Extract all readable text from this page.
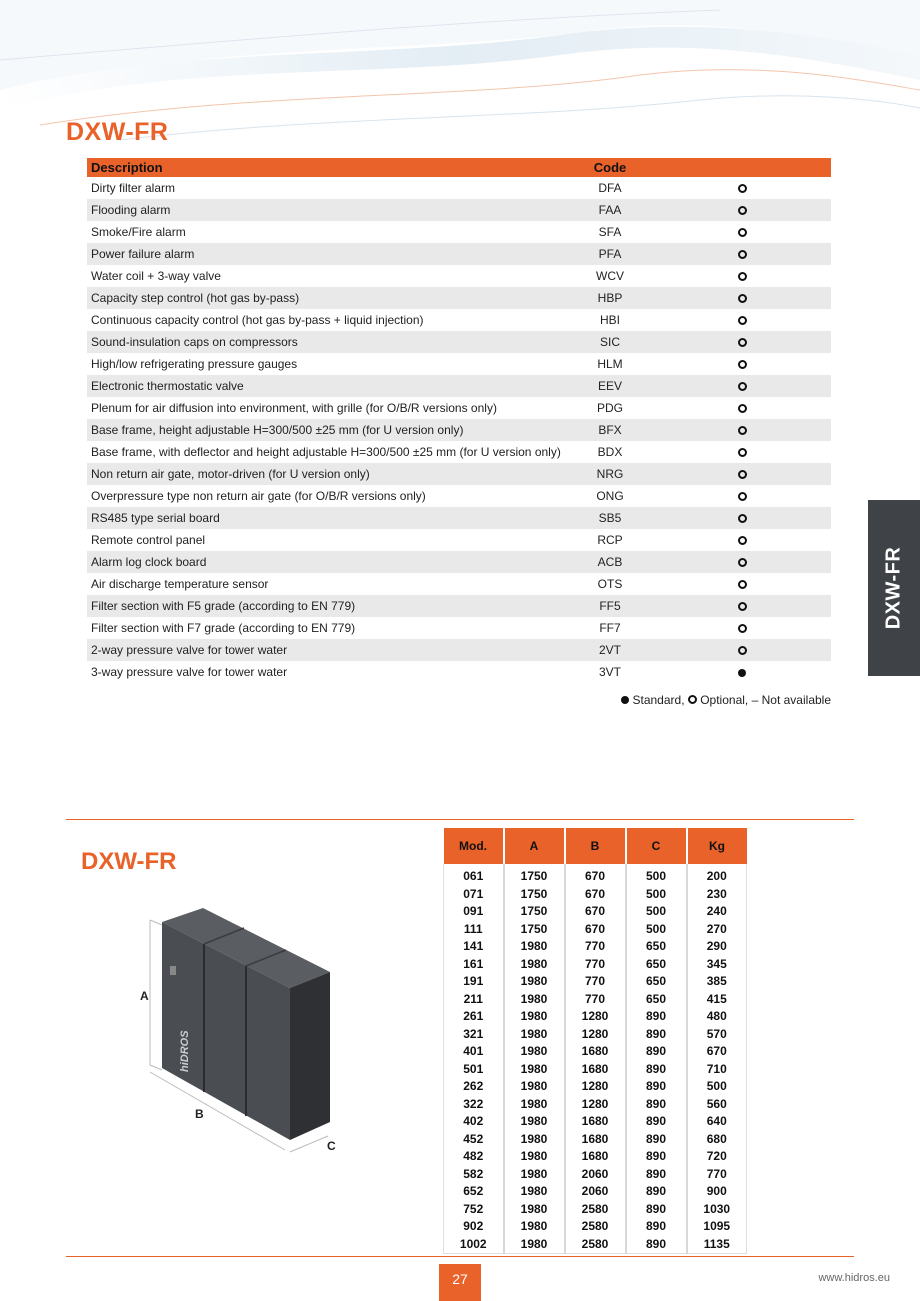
DXW-FR
Description	Code	
Dirty filter alarm	DFA	
Flooding alarm	FAA	
Smoke/Fire alarm	SFA	
Power failure alarm	PFA	
Water coil + 3-way valve	WCV	
Capacity step control (hot gas by-pass)	HBP	
Continuous capacity control (hot gas by-pass + liquid injection)	HBI	
Sound-insulation caps on compressors	SIC	
High/low refrigerating pressure gauges	HLM	
Electronic thermostatic valve	EEV	
Plenum for air diffusion into environment, with grille (for O/B/R versions only)	PDG	
Base frame, height adjustable H=300/500 ±25 mm (for U version only)	BFX	
Base frame, with deflector and height adjustable H=300/500 ±25 mm (for U version only)	BDX	
Non return air gate, motor-driven (for U version only)	NRG	
Overpressure type non return air gate (for O/B/R versions only)	ONG	
RS485 type serial board	SB5	
Remote control panel	RCP	
Alarm log clock board	ACB	
Air discharge temperature sensor	OTS	
Filter section with F5 grade (according to EN 779)	FF5	
Filter section with F7 grade (according to EN 779)	FF7	
2-way pressure valve for tower water	2VT	
3-way pressure valve for tower water	3VT	
Standard, Optional, – Not available
DXW-FR
DXW-FR
A
B
C
hiDROS
Mod.	A	B	C	Kg
061	1750	670	500	200
071	1750	670	500	230
091	1750	670	500	240
111	1750	670	500	270
141	1980	770	650	290
161	1980	770	650	345
191	1980	770	650	385
211	1980	770	650	415
261	1980	1280	890	480
321	1980	1280	890	570
401	1980	1680	890	670
501	1980	1680	890	710
262	1980	1280	890	500
322	1980	1280	890	560
402	1980	1680	890	640
452	1980	1680	890	680
482	1980	1680	890	720
582	1980	2060	890	770
652	1980	2060	890	900
752	1980	2580	890	1030
902	1980	2580	890	1095
1002	1980	2580	890	1135
27	www.hidros.eu
